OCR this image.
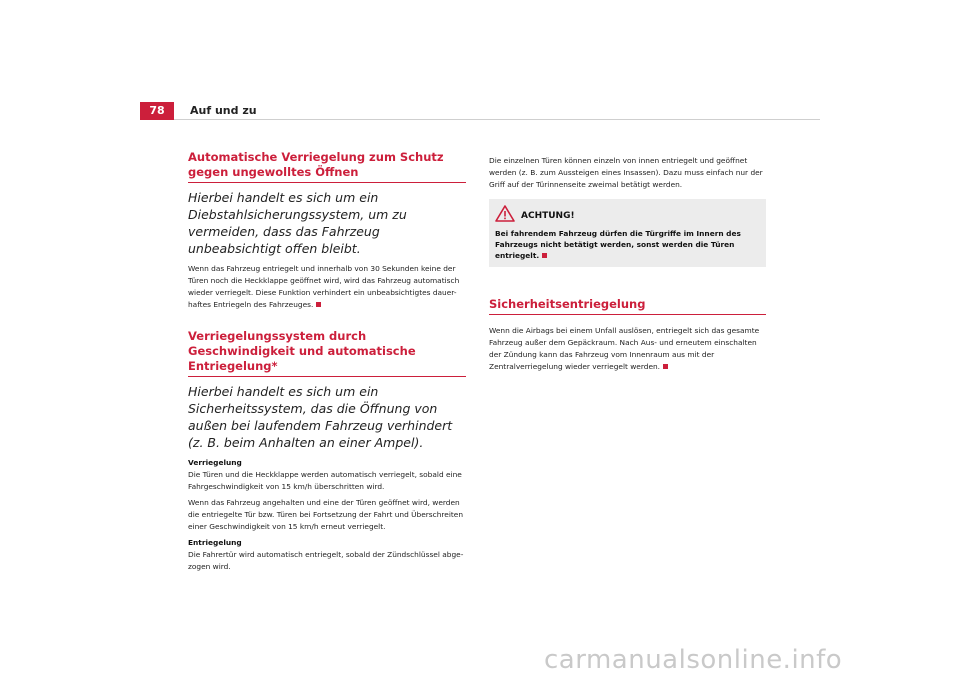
78	Auf und zu
Automatische Verriegelung zum Schutz gegen ungewolltes Öffnen

Hierbei handelt es sich um ein Diebstahlsicherungssystem, um zu vermeiden, dass das Fahrzeug unbeabsichtigt offen bleibt.

Wenn das Fahrzeug entriegelt und innerhalb von 30 Sekunden keine der Türen noch die Heckklappe geöffnet wird, wird das Fahrzeug automatisch wieder verriegelt. Diese Funktion verhindert ein unbeabsichtigtes dauer-haftes Entriegeln des Fahrzeuges.

Verriegelungssystem durch Geschwindigkeit und automatische Entriegelung*

Hierbei handelt es sich um ein Sicherheitssystem, das die Öffnung von außen bei laufendem Fahrzeug verhindert (z. B. beim Anhalten an einer Ampel).

Verriegelung

Die Türen und die Heckklappe werden automatisch verriegelt, sobald eine Fahrgeschwindigkeit von 15 km/h überschritten wird.

Wenn das Fahrzeug angehalten und eine der Türen geöffnet wird, werden die entriegelte Tür bzw. Türen bei Fortsetzung der Fahrt und Überschreiten einer Geschwindigkeit von 15 km/h erneut verriegelt.

Entriegelung

Die Fahrertür wird automatisch entriegelt, sobald der Zündschlüssel abge-zogen wird.

Die einzelnen Türen können einzeln von innen entriegelt und geöffnet werden (z. B. zum Aussteigen eines Insassen). Dazu muss einfach nur der Griff auf der Türinnenseite zweimal betätigt werden.

ACHTUNG!

Bei fahrendem Fahrzeug dürfen die Türgriffe im Innern des Fahrzeugs nicht betätigt werden, sonst werden die Türen entriegelt.

Sicherheitsentriegelung

Wenn die Airbags bei einem Unfall auslösen, entriegelt sich das gesamte Fahrzeug außer dem Gepäckraum. Nach Aus- und erneutem einschalten der Zündung kann das Fahrzeug vom Innenraum aus mit der Zentralverriegelung wieder verriegelt werden.

carmanualsonline.info
